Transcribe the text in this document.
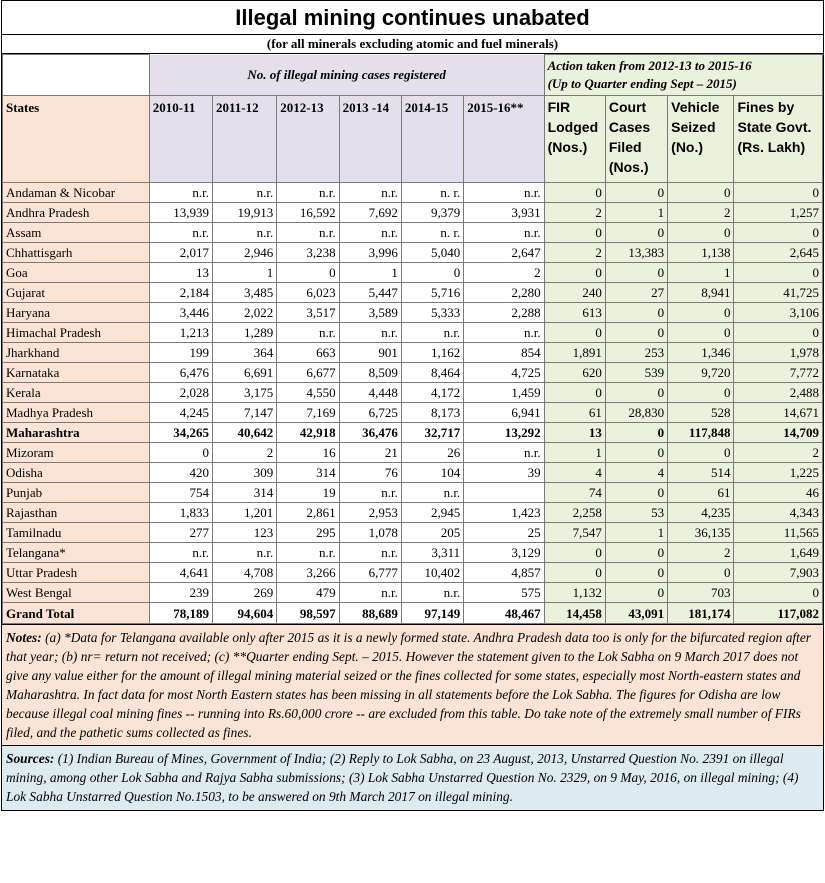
Illegal mining continues unabated
(for all minerals excluding atomic and fuel minerals)
	No. of illegal mining cases registered						Action taken from 2012-13 to 2015-16
(Up to Quarter ending Sept – 2015)			

States	2010-11	2011-12	2012-13	2013 -14	2014-15	2015-16**	FIR Lodged (Nos.)	Court Cases Filed (Nos.)	Vehicle Seized (No.)	Fines by State Govt. (Rs. Lakh)
Andaman & Nicobar	n.r.	n.r.	n.r.	n.r.	n. r.	n.r.	0	0	0	0
Andhra Pradesh	13,939	19,913	16,592	7,692	9,379	3,931	2	1	2	1,257
Assam	n.r.	n.r.	n.r.	n.r.	n. r.	n.r.	0	0	0	0
Chhattisgarh	2,017	2,946	3,238	3,996	5,040	2,647	2	13,383	1,138	2,645
Goa	13	1	0	1	0	2	0	0	1	0
Gujarat	2,184	3,485	6,023	5,447	5,716	2,280	240	27	8,941	41,725
Haryana	3,446	2,022	3,517	3,589	5,333	2,288	613	0	0	3,106
Himachal Pradesh	1,213	1,289	n.r.	n.r.	n.r.	n.r.	0	0	0	0
Jharkhand	199	364	663	901	1,162	854	1,891	253	1,346	1,978
Karnataka	6,476	6,691	6,677	8,509	8,464	4,725	620	539	9,720	7,772
Kerala	2,028	3,175	4,550	4,448	4,172	1,459	0	0	0	2,488
Madhya Pradesh	4,245	7,147	7,169	6,725	8,173	6,941	61	28,830	528	14,671
Maharashtra	34,265	40,642	42,918	36,476	32,717	13,292	13	0	117,848	14,709
Mizoram	0	2	16	21	26	n.r.	1	0	0	2
Odisha	420	309	314	76	104	39	4	4	514	1,225
Punjab	754	314	19	n.r.	n.r.		74	0	61	46
Rajasthan	1,833	1,201	2,861	2,953	2,945	1,423	2,258	53	4,235	4,343
Tamilnadu	277	123	295	1,078	205	25	7,547	1	36,135	11,565
Telangana*	n.r.	n.r.	n.r.	n.r.	3,311	3,129	0	0	2	1,649
Uttar Pradesh	4,641	4,708	3,266	6,777	10,402	4,857	0	0	0	7,903
West Bengal	239	269	479	n.r.	n.r.	575	1,132	0	703	0
Grand Total	78,189	94,604	98,597	88,689	97,149	48,467	14,458	43,091	181,174	117,082
Notes: (a) *Data for Telangana available only after 2015 as it is a newly formed state. Andhra Pradesh data too is only for the bifurcated region after that year; (b) nr= return not received; (c) **Quarter ending Sept. – 2015. However the statement given to the Lok Sabha on 9 March 2017 does not give any value either for the amount of illegal mining material seized or the fines collected for some states, especially most North-eastern states and Maharashtra. In fact data for most North Eastern states has been missing in all statements before the Lok Sabha. The figures for Odisha are low because illegal coal mining fines -- running into Rs.60,000 crore -- are excluded from this table. Do take note of the extremely small number of FIRs filed, and the pathetic sums collected as fines.
Sources: (1) Indian Bureau of Mines, Government of India; (2) Reply to Lok Sabha, on 23 August, 2013, Unstarred Question No. 2391 on illegal mining, among other Lok Sabha and Rajya Sabha submissions; (3) Lok Sabha Unstarred Question No. 2329, on 9 May, 2016, on illegal mining; (4) Lok Sabha Unstarred Question No.1503, to be answered on 9th March 2017 on illegal mining.
